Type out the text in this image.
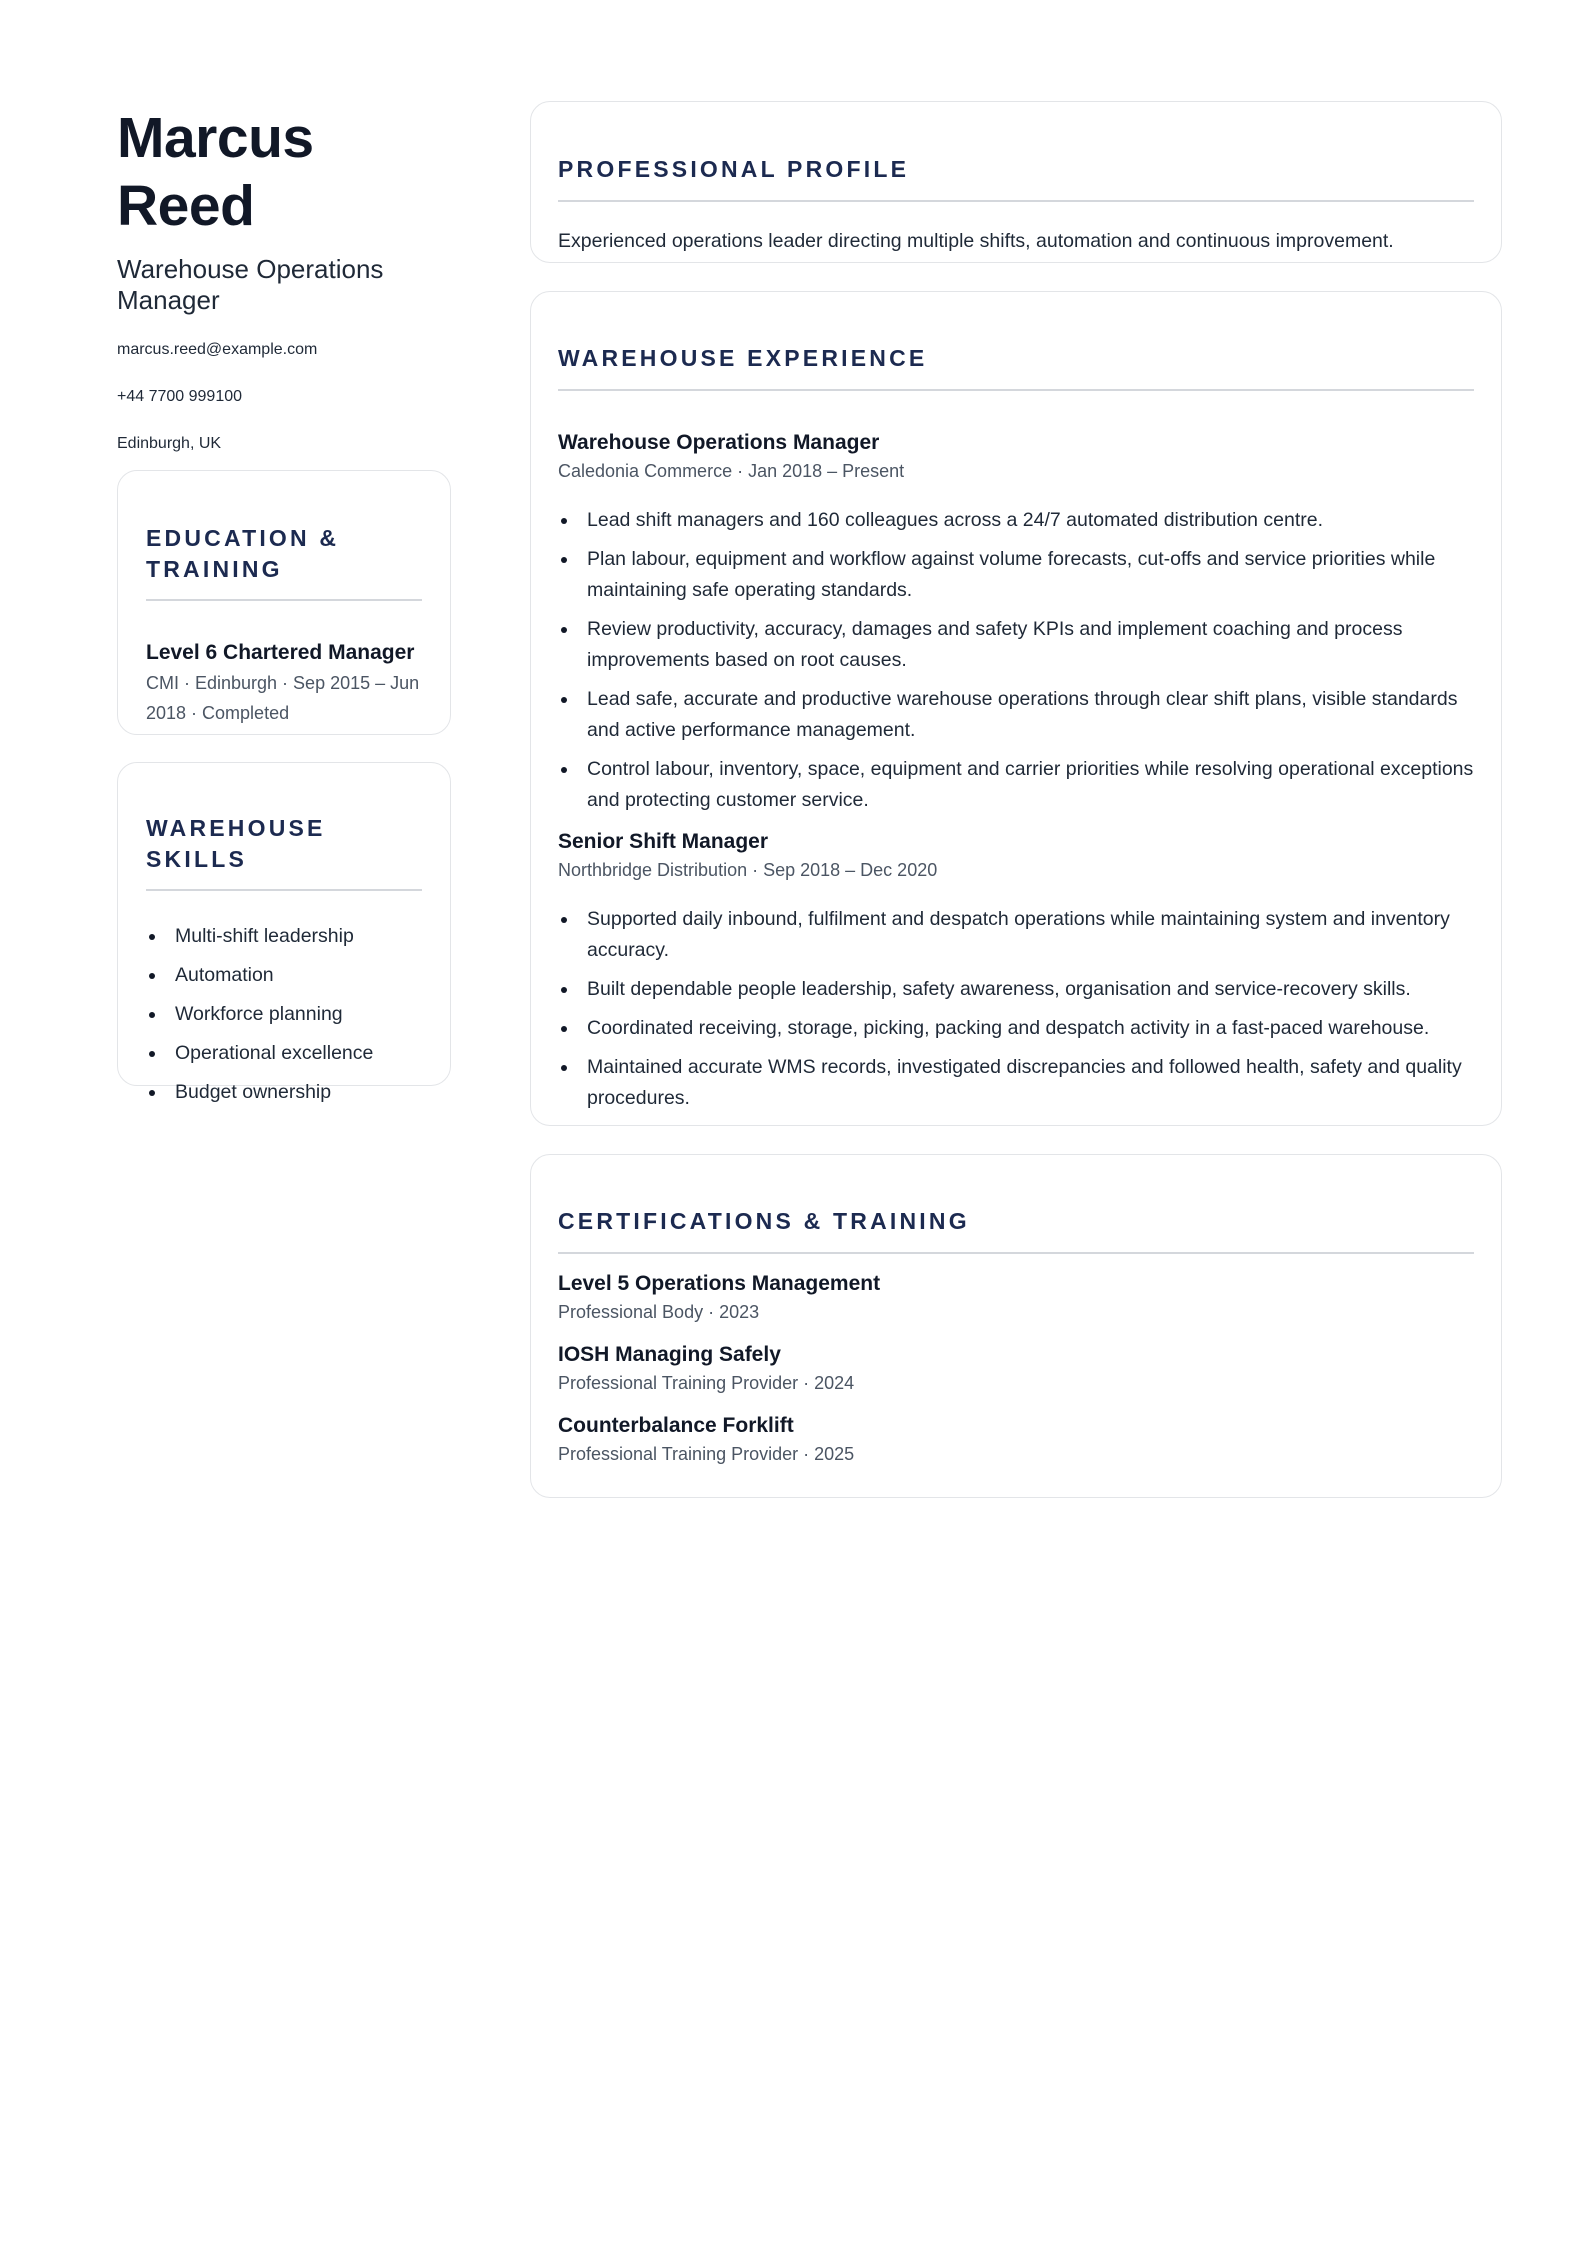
Marcus Reed
Warehouse Operations Manager
marcus.reed@example.com
+44 7700 999100
Edinburgh, UK
EDUCATION & TRAINING
Level 6 Chartered Manager
CMI · Edinburgh · Sep 2015 – Jun 2018 · Completed
WAREHOUSE SKILLS
Multi-shift leadership
Automation
Workforce planning
Operational excellence
Budget ownership
PROFESSIONAL PROFILE
Experienced operations leader directing multiple shifts, automation and continuous improvement.
WAREHOUSE EXPERIENCE
Warehouse Operations Manager
Caledonia Commerce · Jan 2018 – Present
Lead shift managers and 160 colleagues across a 24/7 automated distribution centre.
Plan labour, equipment and workflow against volume forecasts, cut-offs and service priorities while maintaining safe operating standards.
Review productivity, accuracy, damages and safety KPIs and implement coaching and process improvements based on root causes.
Lead safe, accurate and productive warehouse operations through clear shift plans, visible standards and active performance management.
Control labour, inventory, space, equipment and carrier priorities while resolving operational exceptions and protecting customer service.
Senior Shift Manager
Northbridge Distribution · Sep 2018 – Dec 2020
Supported daily inbound, fulfilment and despatch operations while maintaining system and inventory accuracy.
Built dependable people leadership, safety awareness, organisation and service-recovery skills.
Coordinated receiving, storage, picking, packing and despatch activity in a fast-paced warehouse.
Maintained accurate WMS records, investigated discrepancies and followed health, safety and quality procedures.
CERTIFICATIONS & TRAINING
Level 5 Operations Management
Professional Body · 2023
IOSH Managing Safely
Professional Training Provider · 2024
Counterbalance Forklift
Professional Training Provider · 2025
